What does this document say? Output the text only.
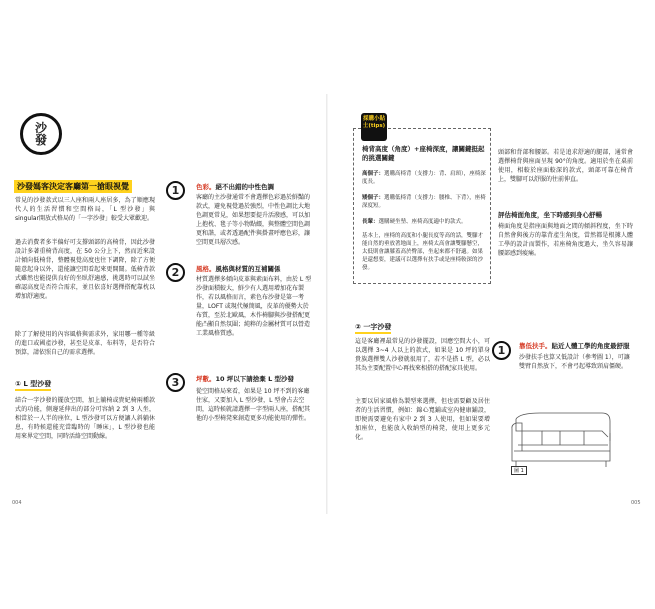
沙發
沙發媽客決定客廳第一搶眼視覺
常見的沙發款式以三人座和兩人座居多，為了順應現代人的生活習慣和空間格局，「L 型沙發」與singular開放式格局的「一字沙發」較受大眾歡迎。
過去消費者多半偏好可支撐頭部的高椅背，因此沙發設計多著重椅背高度，在 50 公分上下，然而近來設計傾向低椅背，整體視覺高度也往下調降，除了方便隨意起身以外，還能讓空間看起來更開闊。低椅背款式雖然也能提供良好的坐臥舒適感，挑選時可以試坐確認高度是否符合需求，並且依喜好選擇搭配靠枕以增加舒適度。
除了了解使用的內容風格與需求外，家用哪一種等級的進口或國產沙發，甚至是皮革、布料等，是否符合預算，請依照自己的需求選擇。
① L 型沙發
結合一字沙發的擺放空間，加上躺椅或貴妃椅兩種款式的功能，側邊延伸出的部分可容納 2 到 3 人坐，相當於一人半的座位，L 型沙發可以方便讓人斜躺休息，有時候還能充當臨時的「睡床」，L 型沙發也能用來界定空間，同時活絡空間動線。
1	色彩。絕不出錯的中性色調
客廳的主沙發通常不會選擇色彩過於鮮豔的款式，避免視覺過於強烈，中性色調比大地色調更常見，如果想要提升活潑感，可以加上抱枕、毯子等小物點綴，與整體空間色調更和諧，或者透過配件與掛畫呼應色彩，讓空間更具層次感。
2	風格。風格與材質的互補關係
材質選擇多傾向皮革與素面布料，由於 L 型沙發面積較大，鮮少有人選用增加花布製作，若以風格而言，素色布沙發是第一考量，LOFT 或現代極簡風，皮革的優勢大於布質，至於北歐風，木作椅腳與沙發搭配更能凸顯自然氛圍；純粹的金屬材質可以營造工業風格質感。
3	坪數。10 坪以下請捨棄 L 型沙發
從空間格局來看，如果是 10 坪不到的客廳住家，又要加入 L 型沙發，L 型會占去空間，這時候就請選擇一字型兩人座，搭配其他的小型椅凳來創造更多功能使用的彈性。
採購小貼士(tips)
椅背高度（角度）+座椅深度，讓關鍵挺起的挑選關鍵
高個子：選購高椅背（支撐力：背、肩頸），座椅深度長。
矮個子：選購低椅背（支撐力：腰椎、下背），座椅深度短。
長輩：選購硬坐墊、座椅高度適中的款式。
基本上，座椅的高度和小腿長度等高的話，雙腳才能自然的垂放著地面上，座椅太高會讓雙腳懸空，太低則會讓膝蓋高於臀部，坐起來都不舒適。如果是還想要，建議可以選擇有扶手或是座椅較深的沙發。
頭部和背部和腰部。若是追求舒適的腿部，通常會選擇椅背與座面呈現 90°的角度。適用於坐在桌前使用，相較於座面較深的款式，頭部可靠在椅背上，雙腳可以舒服的往前伸直。
評估椅面角度，坐下時感到身心舒暢
椅面角度是指座面與地面之間的傾斜程度，坐下時自然會與後方的靠背產生角度，當然都是根據人體工學的設計而製作，若座椅角度過大，坐久容易讓腰部感到痠痛。
② 一字沙發
這是客廳裡最常見的沙發擺設，因應空間大小，可以選擇 3~4 人以上的款式，如果是 10 坪的單身貴族選擇雙人沙發就很用了，若不是搭 L 型，必以其為主要配置中心再找來相搭的搭配家具使用。
主要以居家風格為製型來選擇，但也需要顧及居住者的生活習慣，例如：錦心寬鋪或室內健康鋪設，即便需要避免有家中 2 到 3 人使用，但如果要增加座位，也能放入收納型的椅凳，使用上更多元化。
1	靠低扶手。貼近人體工學的角度最舒服
沙發扶手也算又低設計（參考圖 1），可讓雙臂自然放下，不會弓起導致頸肩僵硬。
圖 1
004	005
